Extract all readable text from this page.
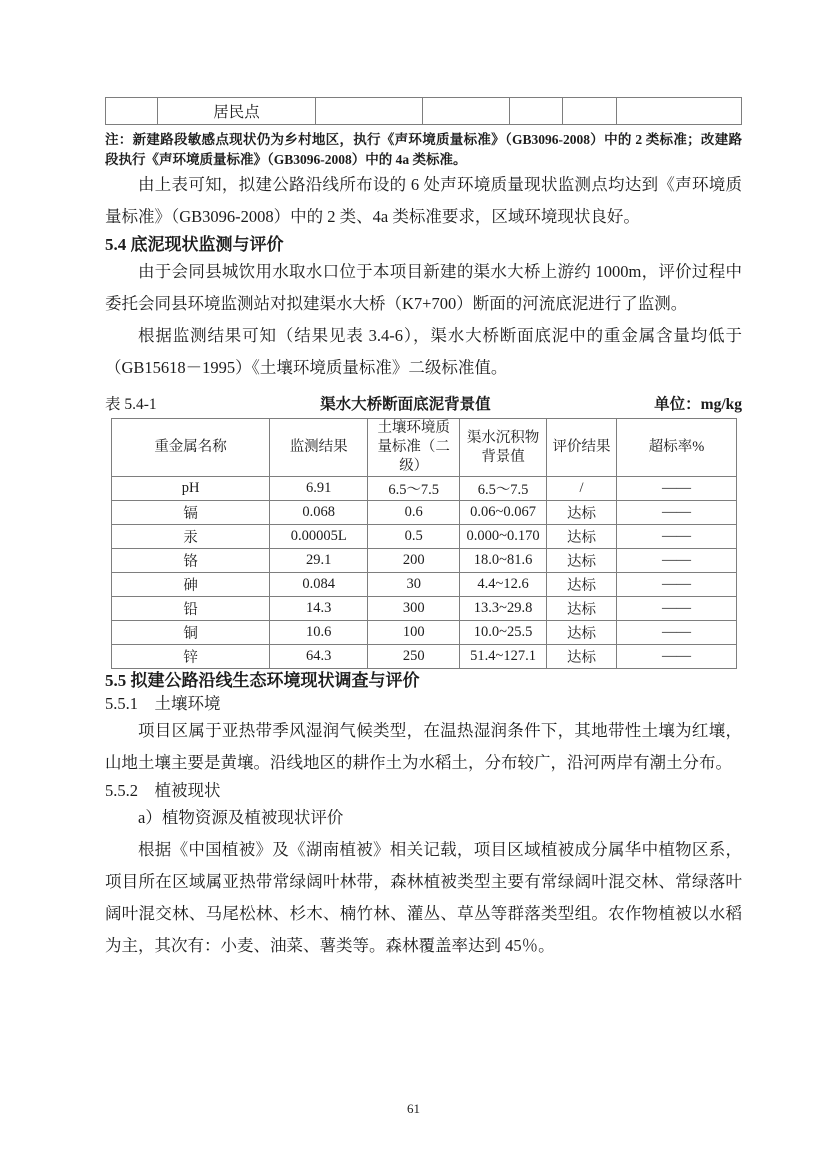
	居民点					

注：新建路段敏感点现状仍为乡村地区，执行《声环境质量标准》（GB3096-2008）中的 2 类标准；改建路段执行《声环境质量标准》（GB3096-2008）中的 4a 类标准。

由上表可知，拟建公路沿线所布设的 6 处声环境质量现状监测点均达到《声环境质量标准》（GB3096-2008）中的 2 类、4a 类标准要求，区域环境现状良好。

5.4 底泥现状监测与评价

由于会同县城饮用水取水口位于本项目新建的渠水大桥上游约 1000m，评价过程中委托会同县环境监测站对拟建渠水大桥（K7+700）断面的河流底泥进行了监测。

根据监测结果可知（结果见表 3.4-6），渠水大桥断面底泥中的重金属含量均低于（GB15618－1995）《土壤环境质量标准》二级标准值。

表 5.4-1	渠水大桥断面底泥背景值	单位：mg/kg
重金属名称	监测结果	土壤环境质量标准（二级）	渠水沉积物背景值	评价结果	超标率%
pH	6.91	6.5～7.5	6.5～7.5	/	——
镉	0.068	0.6	0.06~0.067	达标	——
汞	0.00005L	0.5	0.000~0.170	达标	——
铬	29.1	200	18.0~81.6	达标	——
砷	0.084	30	4.4~12.6	达标	——
铅	14.3	300	13.3~29.8	达标	——
铜	10.6	100	10.0~25.5	达标	——
锌	64.3	250	51.4~127.1	达标	——
5.5 拟建公路沿线生态环境现状调查与评价
5.5.1　土壤环境

项目区属于亚热带季风湿润气候类型，在温热湿润条件下，其地带性土壤为红壤，山地土壤主要是黄壤。沿线地区的耕作土为水稻土，分布较广，沿河两岸有潮土分布。

5.5.2　植被现状

a）植物资源及植被现状评价

根据《中国植被》及《湖南植被》相关记载，项目区域植被成分属华中植物区系，项目所在区域属亚热带常绿阔叶林带，森林植被类型主要有常绿阔叶混交林、常绿落叶阔叶混交林、马尾松林、杉木、楠竹林、灌丛、草丛等群落类型组。农作物植被以水稻为主，其次有：小麦、油菜、薯类等。森林覆盖率达到 45％。

61
